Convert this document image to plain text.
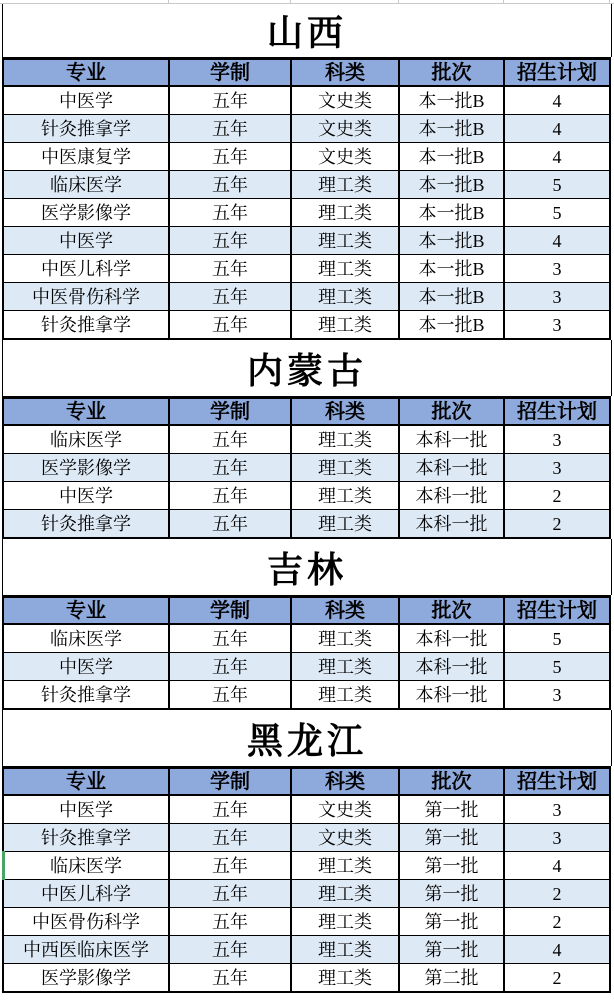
山西
专业	学制	科类	批次	招生计划
中医学	五年	文史类	本一批B	4
针灸推拿学	五年	文史类	本一批B	4
中医康复学	五年	文史类	本一批B	4
临床医学	五年	理工类	本一批B	5
医学影像学	五年	理工类	本一批B	5
中医学	五年	理工类	本一批B	4
中医儿科学	五年	理工类	本一批B	3
中医骨伤科学	五年	理工类	本一批B	3
针灸推拿学	五年	理工类	本一批B	3
内蒙古
专业	学制	科类	批次	招生计划
临床医学	五年	理工类	本科一批	3
医学影像学	五年	理工类	本科一批	3
中医学	五年	理工类	本科一批	2
针灸推拿学	五年	理工类	本科一批	2
吉林
专业	学制	科类	批次	招生计划
临床医学	五年	理工类	本科一批	5
中医学	五年	理工类	本科一批	5
针灸推拿学	五年	理工类	本科一批	3
黑龙江
专业	学制	科类	批次	招生计划
中医学	五年	文史类	第一批	3
针灸推拿学	五年	文史类	第一批	3
临床医学	五年	理工类	第一批	4
中医儿科学	五年	理工类	第一批	2
中医骨伤科学	五年	理工类	第一批	2
中西医临床医学	五年	理工类	第一批	4
医学影像学	五年	理工类	第二批	2
